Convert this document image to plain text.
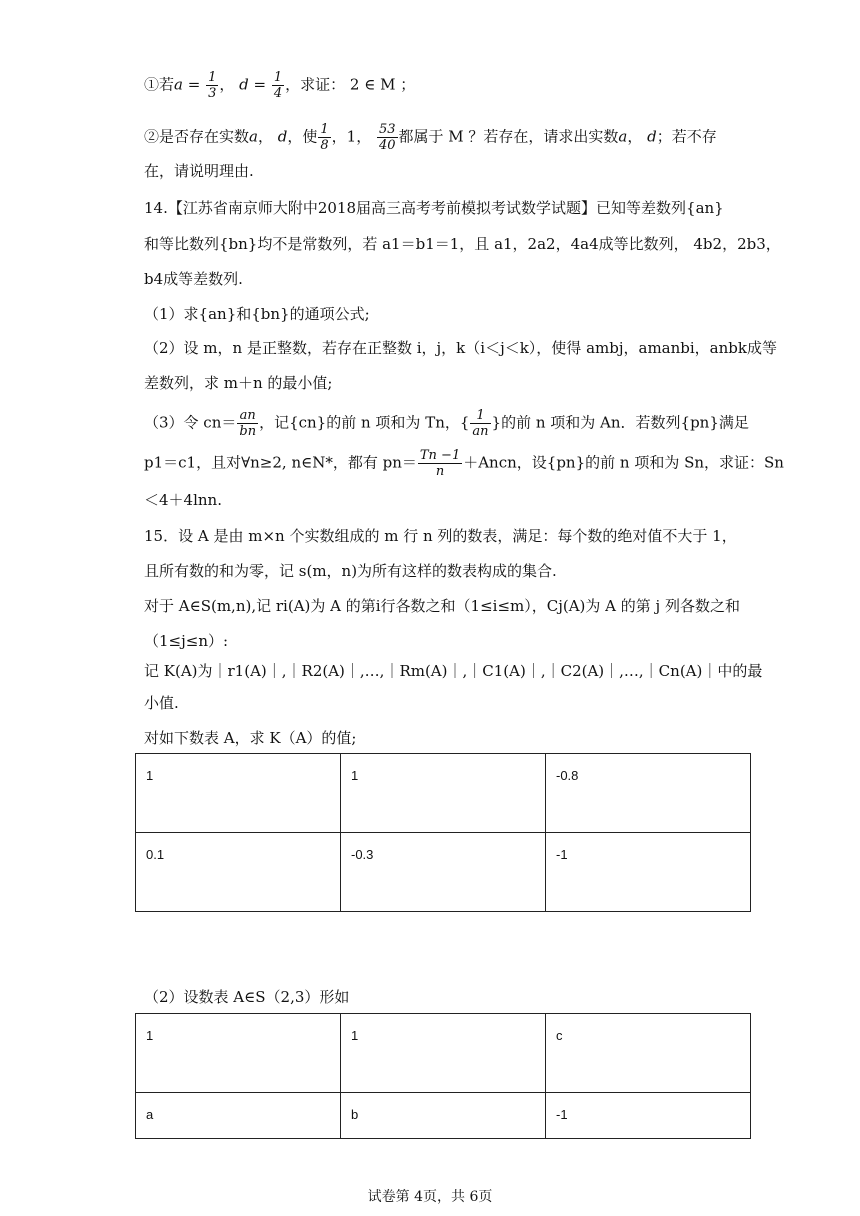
①若$a = \frac{1}{3}$ ， $d = \frac{1}{4}$ ，求证： 2 ∈ M ；
②是否存在实数a， d，使 $\frac{1}{8}$ ，1， $\frac{53}{40}$ 都属于 M ？若存在，请求出实数a， d；若不存
在，请说明理由.
14.【江苏省南京师大附中2018届高三高考考前模拟考试数学试题】已知等差数列{an}
和等比数列{bn}均不是常数列，若 a1＝b1＝1，且 a1，2a2，4a4成等比数列， 4b2，2b3，
b4成等差数列.
（1）求{an}和{bn}的通项公式;
（2）设 m，n 是正整数，若存在正整数 i，j，k（i＜j＜k），使得 ambj，amanbi，anbk成等
差数列，求 m＋n 的最小值;
（3）令 $cn= \frac{an}{bn}$ ，记{cn}的前 n 项和为 Tn，{ $\frac{1}{an}$ }的前 n 项和为 An．若数列{pn}满足
p1＝c1，且对∀n≥2, n∈N*，都有 $pn= \frac{Tn -1}{n}$ ＋Ancn，设{pn}的前 n 项和为 Sn，求证：Sn
＜4＋4lnn.
15．设 A 是由 m×n 个实数组成的 m 行 n 列的数表，满足：每个数的绝对值不大于 1，
且所有数的和为零，记 s(m，n)为所有这样的数表构成的集合.
对于 A∈S(m,n),记 ri(A)为 A 的第i行各数之和（1≤i≤m），Cj(A)为 A 的第 j 列各数之和
（1≤j≤n）:
记 K(A)为｜r1(A)｜,｜R2(A)｜,…,｜Rm(A)｜,｜C1(A)｜,｜C2(A)｜,…,｜Cn(A)｜中的最
小值.
对如下数表 A，求 K（A）的值;
1	1	-0.8
0.1	-0.3	-1
（2）设数表 A∈S（2,3）形如
1	1	c
a	b	-1
试卷第 4页，共 6页
